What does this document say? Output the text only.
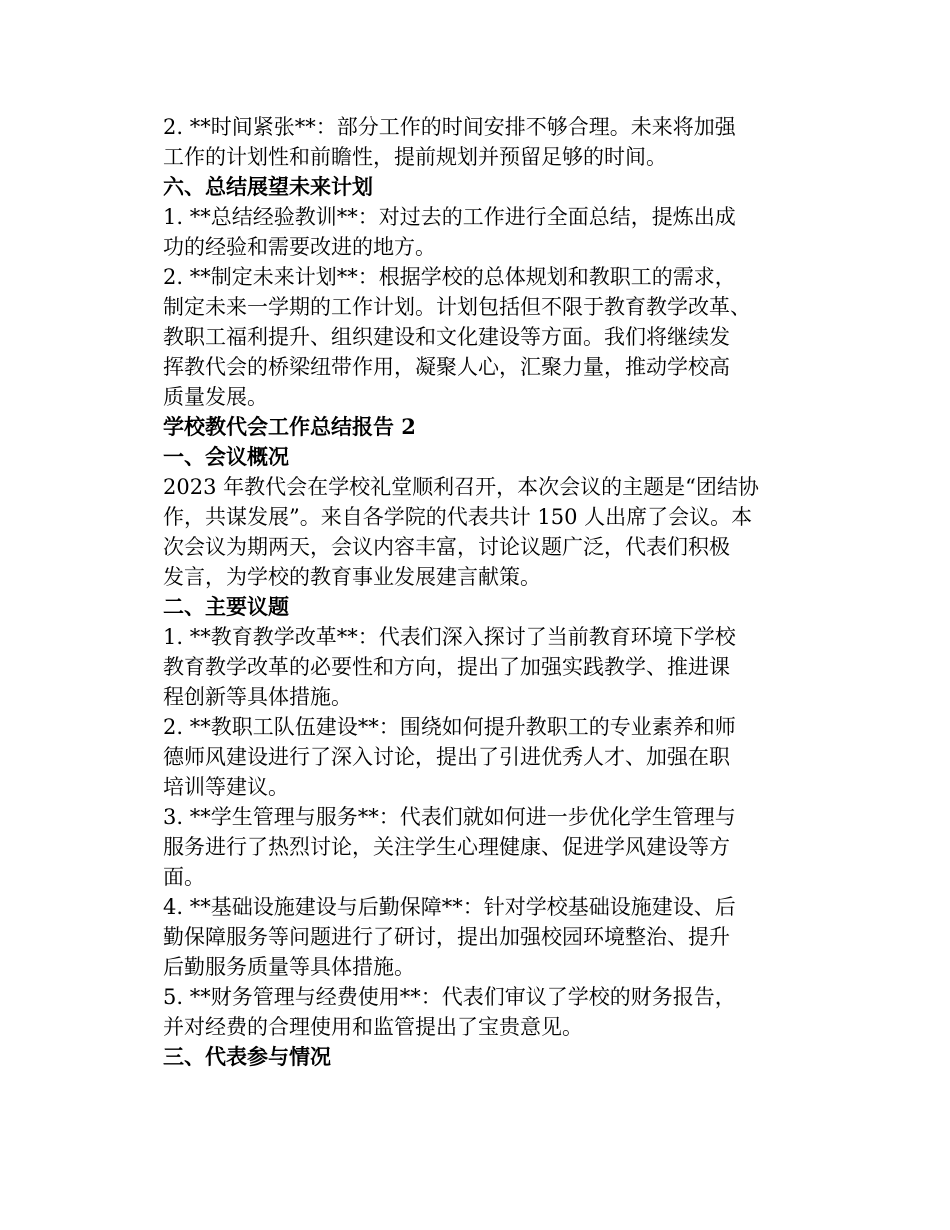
2. **时间紧张**：部分工作的时间安排不够合理。未来将加强
工作的计划性和前瞻性，提前规划并预留足够的时间。
六、总结展望未来计划
1. **总结经验教训**：对过去的工作进行全面总结，提炼出成
功的经验和需要改进的地方。
2. **制定未来计划**：根据学校的总体规划和教职工的需求，
制定未来一学期的工作计划。计划包括但不限于教育教学改革、
教职工福利提升、组织建设和文化建设等方面。我们将继续发
挥教代会的桥梁纽带作用，凝聚人心，汇聚力量，推动学校高
质量发展。
学校教代会工作总结报告 2
一、会议概况
2023 年教代会在学校礼堂顺利召开，本次会议的主题是“团结协
作，共谋发展”。来自各学院的代表共计 150 人出席了会议。本
次会议为期两天，会议内容丰富，讨论议题广泛，代表们积极
发言，为学校的教育事业发展建言献策。
二、主要议题
1. **教育教学改革**：代表们深入探讨了当前教育环境下学校
教育教学改革的必要性和方向，提出了加强实践教学、推进课
程创新等具体措施。
2. **教职工队伍建设**：围绕如何提升教职工的专业素养和师
德师风建设进行了深入讨论，提出了引进优秀人才、加强在职
培训等建议。
3. **学生管理与服务**：代表们就如何进一步优化学生管理与
服务进行了热烈讨论，关注学生心理健康、促进学风建设等方
面。
4. **基础设施建设与后勤保障**：针对学校基础设施建设、后
勤保障服务等问题进行了研讨，提出加强校园环境整治、提升
后勤服务质量等具体措施。
5. **财务管理与经费使用**：代表们审议了学校的财务报告，
并对经费的合理使用和监管提出了宝贵意见。
三、代表参与情况
